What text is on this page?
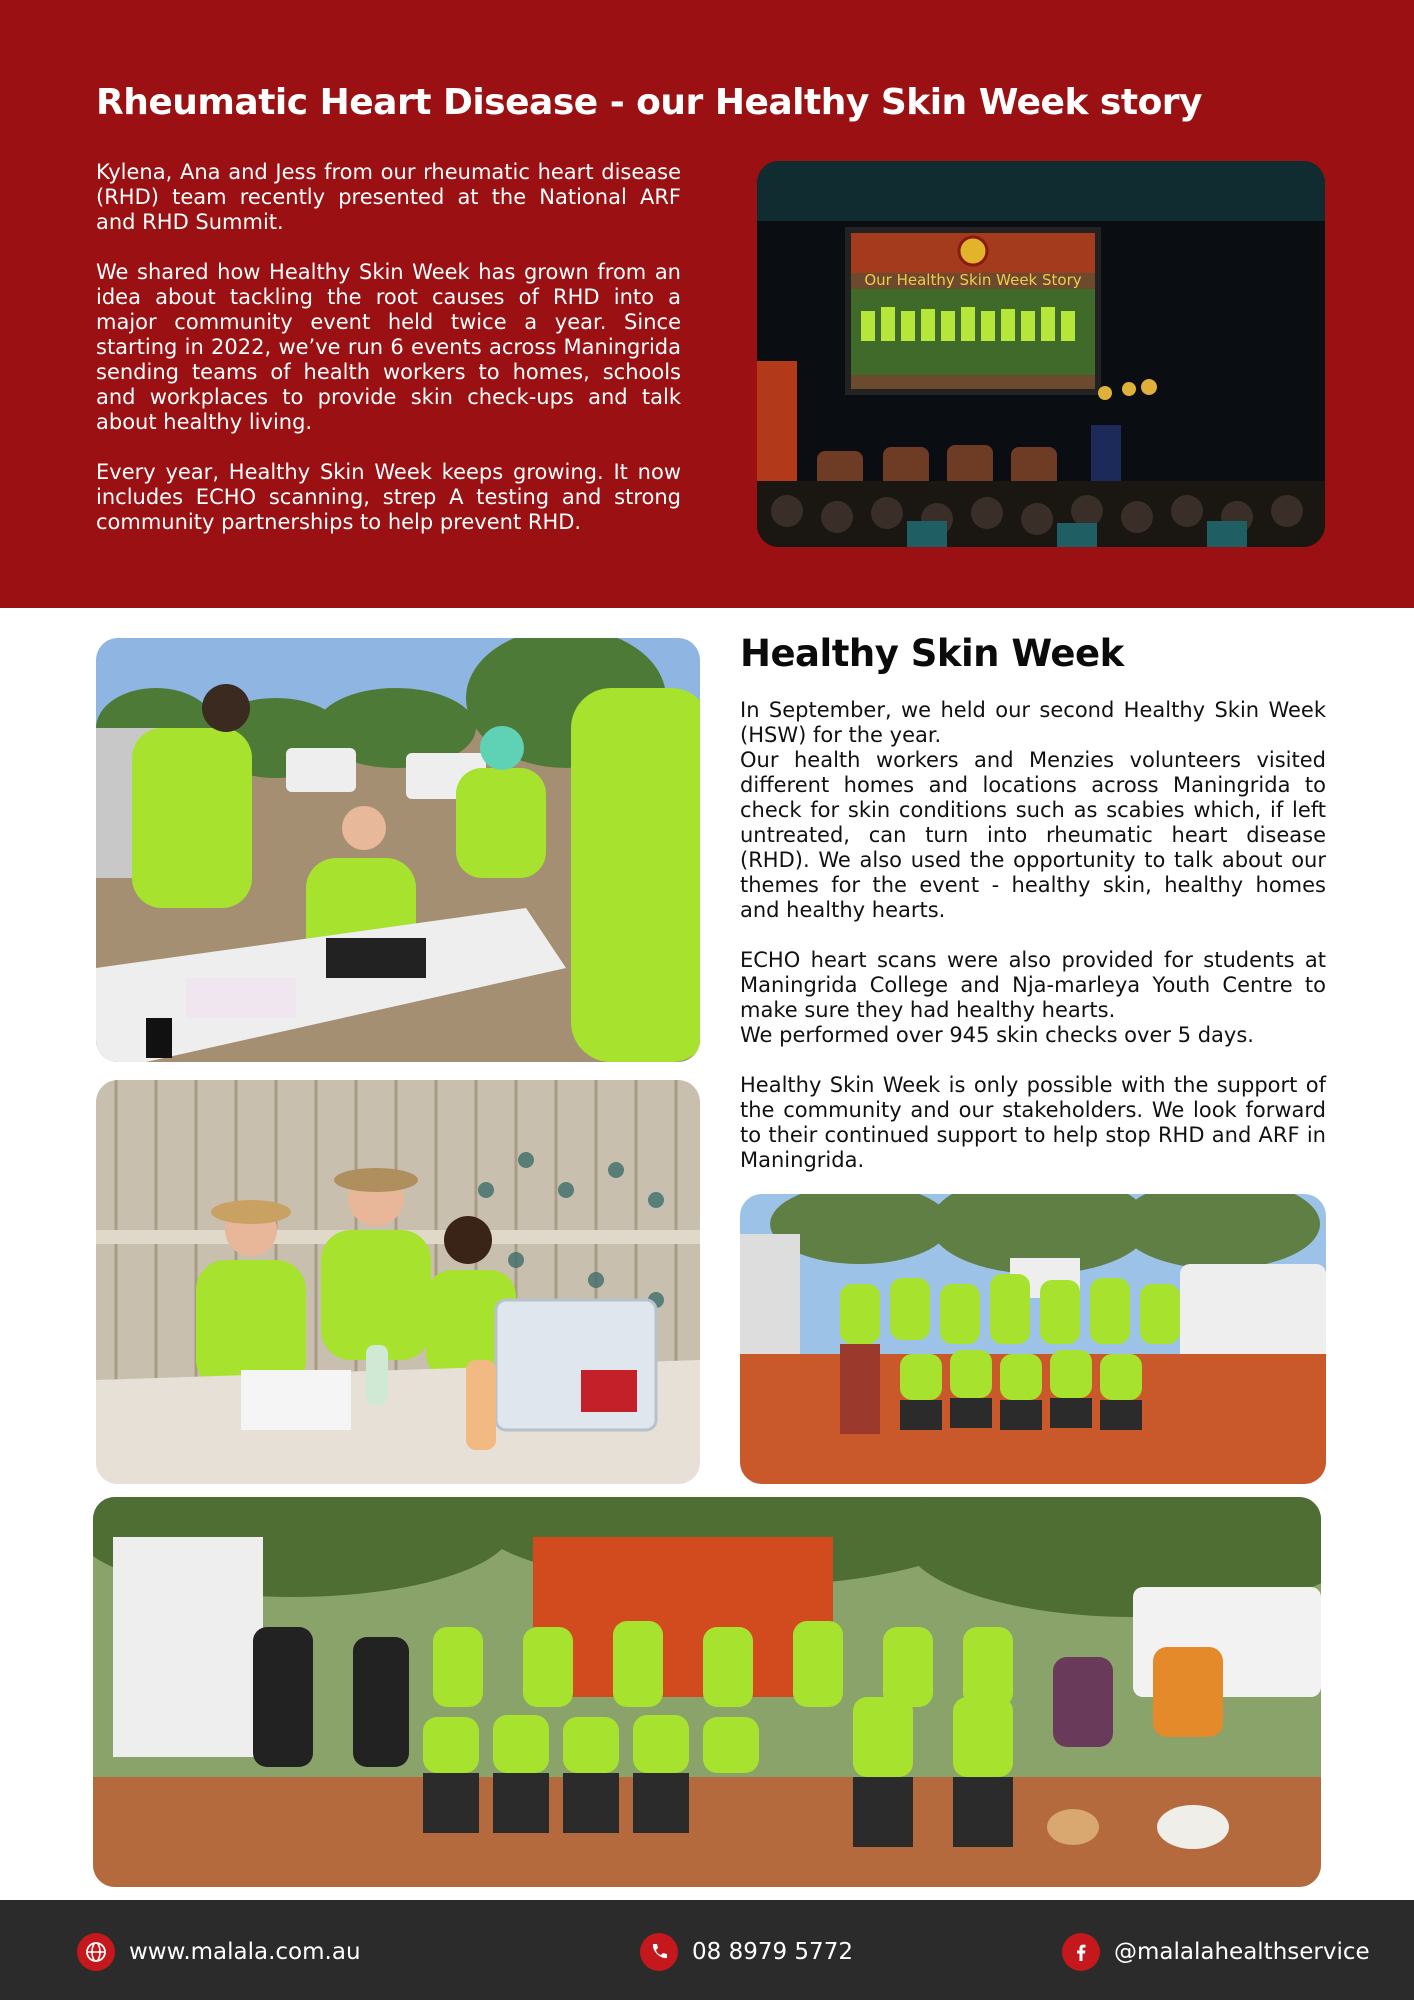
Rheumatic Heart Disease - our Healthy Skin Week story

Kylena, Ana and Jess from our rheumatic heart disease (RHD) team recently presented at the National ARF and RHD Summit.

We shared how Healthy Skin Week has grown from an idea about tackling the root causes of RHD into a major community event held twice a year. Since starting in 2022, we’ve run 6 events across Maningrida sending teams of health workers to homes, schools and workplaces to provide skin check-ups and talk about healthy living.

Every year, Healthy Skin Week keeps growing. It now includes ECHO scanning, strep A testing and strong community partnerships to help prevent RHD.

Our Healthy Skin Week Story
Healthy Skin Week

In September, we held our second Healthy Skin Week (HSW) for the year.

Our health workers and Menzies volunteers visited different homes and locations across Maningrida to check for skin conditions such as scabies which, if left untreated, can turn into rheumatic heart disease (RHD). We also used the opportunity to talk about our themes for the event - healthy skin, healthy homes and healthy hearts.

ECHO heart scans were also provided for students at Maningrida College and Nja-marleya Youth Centre to make sure they had healthy hearts.

We performed over 945 skin checks over 5 days.

Healthy Skin Week is only possible with the support of the community and our stakeholders. We look forward to their continued support to help stop RHD and ARF in Maningrida.

www.malala.com.au	08 8979 5772	@malalahealthservice
